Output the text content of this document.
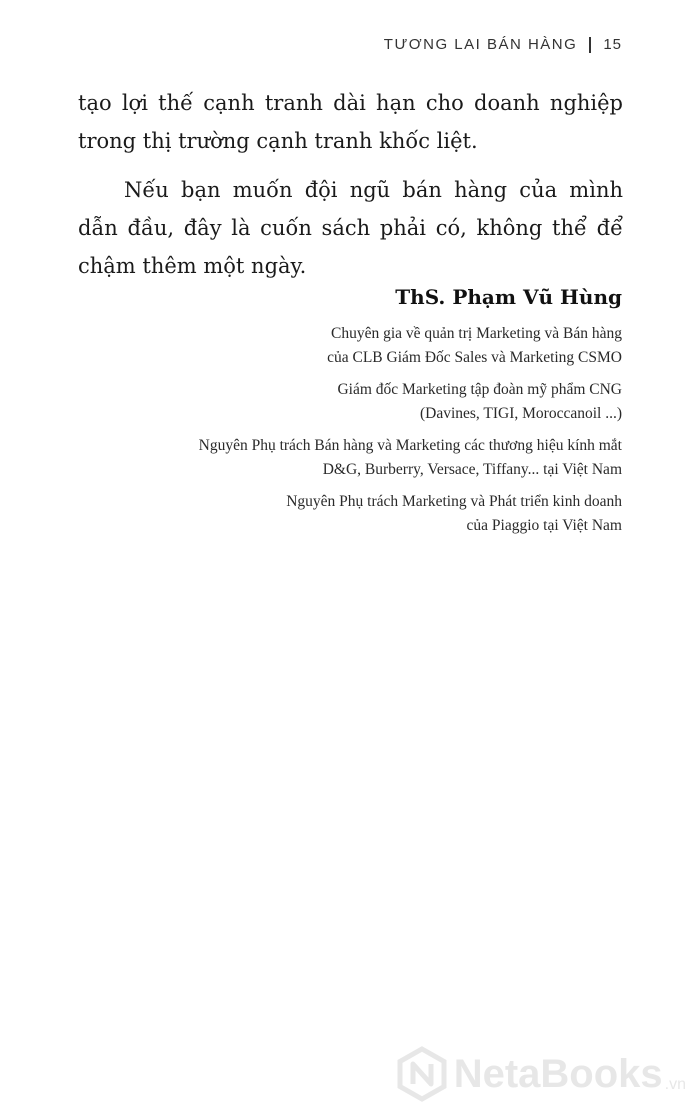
TƯƠNG LAI BÁN HÀNG 15

tạo lợi thế cạnh tranh dài hạn cho doanh nghiệp trong thị trường cạnh tranh khốc liệt.

Nếu bạn muốn đội ngũ bán hàng của mình dẫn đầu, đây là cuốn sách phải có, không thể để chậm thêm một ngày.

ThS. Phạm Vũ Hùng

Chuyên gia về quản trị Marketing và Bán hàng
của CLB Giám Đốc Sales và Marketing CSMO

Giám đốc Marketing tập đoàn mỹ phẩm CNG
(Davines, TIGI, Moroccanoil ...)

Nguyên Phụ trách Bán hàng và Marketing các thương hiệu kính mắt
D&G, Burberry, Versace, Tiffany... tại Việt Nam

Nguyên Phụ trách Marketing và Phát triển kinh doanh
của Piaggio tại Việt Nam

NetaBooks .vn
